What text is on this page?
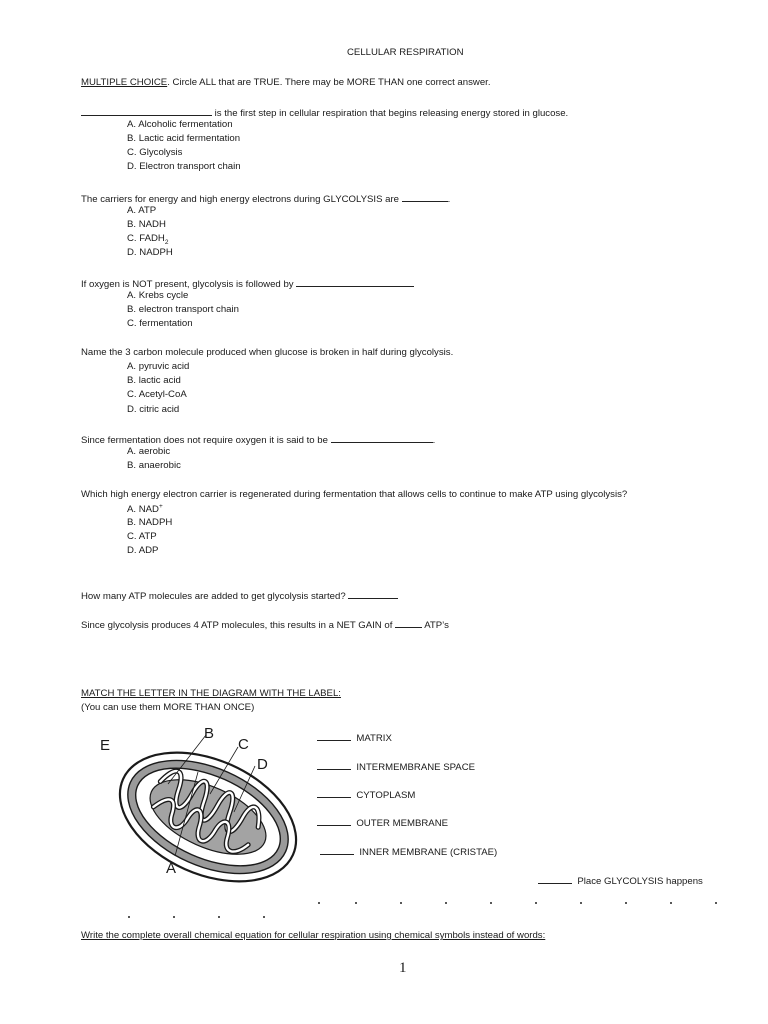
CELLULAR RESPIRATION
MULTIPLE CHOICE. Circle ALL that are TRUE. There may be MORE THAN one correct answer.
is the first step in cellular respiration that begins releasing energy stored in glucose.
A. Alcoholic fermentation
B. Lactic acid fermentation
C. Glycolysis
D. Electron transport chain
The carriers for energy and high energy electrons during GLYCOLYSIS are	.
A. ATP
B. NADH
C. $FADH_2$
D. NADPH
If oxygen is NOT present, glycolysis is followed by
A. Krebs cycle
B. electron transport chain
C. fermentation
Name the 3 carbon molecule produced when glucose is broken in half during glycolysis.
A. pyruvic acid
B. lactic acid
C. Acetyl-CoA
D. citric acid
Since fermentation does not require oxygen it is said to be	.
A. aerobic
B. anaerobic
Which high energy electron carrier is regenerated during fermentation that allows cells to continue to make ATP using glycolysis?
A. NAD+
B. NADPH
C. ATP
D. ADP
How many ATP molecules are added to get glycolysis started?
Since glycolysis produces 4 ATP molecules, this results in a NET GAIN of	ATP’s
MATCH THE LETTER IN THE DIAGRAM WITH THE LABEL:
(You can use them MORE THAN ONCE)
A
B
C
D
E	MATRIX
INTERMEMBRANE SPACE
CYTOPLASM
OUTER MEMBRANE
INNER MEMBRANE (CRISTAE)
Place GLYCOLYSIS happens
Write the complete overall chemical equation for cellular respiration using chemical symbols instead of words:
1
